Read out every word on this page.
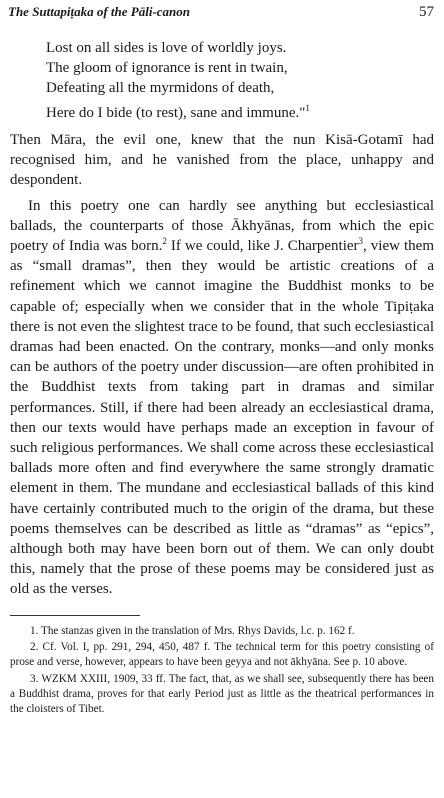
The Suttapiṭaka of the Pāli-canon	57
Lost on all sides is love of worldly joys.
The gloom of ignorance is rent in twain,
Defeating all the myrmidons of death,
Here do I bide (to rest), sane and immune."$^1$

Then Māra, the evil one, knew that the nun Kisā-Gotamī had recognised him, and he vanished from the place, unhappy and despondent.

In this poetry one can hardly see anything but ecclesiastical ballads, the counterparts of those Ākhyānas, from which the epic poetry of India was born.$^2$ If we could, like J. Charpentier$^3$, view them as “small dramas”, then they would be artistic creations of a refinement which we cannot imagine the Buddhist monks to be capable of; especially when we consider that in the whole Tipiṭaka there is not even the slightest trace to be found, that such ecclesiastical dramas had been enacted. On the contrary, monks—and only monks can be authors of the poetry under discussion—are often prohibited in the Buddhist texts from taking part in dramas and similar performances. Still, if there had been already an ecclesiastical drama, then our texts would have perhaps made an exception in favour of such religious performances. We shall come across these ecclesiastical ballads more often and find everywhere the same strongly dramatic element in them. The mundane and ecclesiastical ballads of this kind have certainly contributed much to the origin of the drama, but these poems themselves can be described as little as “dramas” as “epics”, although both may have been born out of them. We can only doubt this, namely that the prose of these poems may be considered just as old as the verses.

1. The stanzas given in the translation of Mrs. Rhys Davids, l.c. p. 162 f.

2. Cf. Vol. I, pp. 291, 294, 450, 487 f. The technical term for this poetry consisting of prose and verse, however, appears to have been geyya and not ākhyāna. See p. 10 above.

3. WZKM XXIII, 1909, 33 ff. The fact, that, as we shall see, subsequently there has been a Buddhist drama, proves for that early Period just as little as the theatrical performances in the cloisters of Tibet.
